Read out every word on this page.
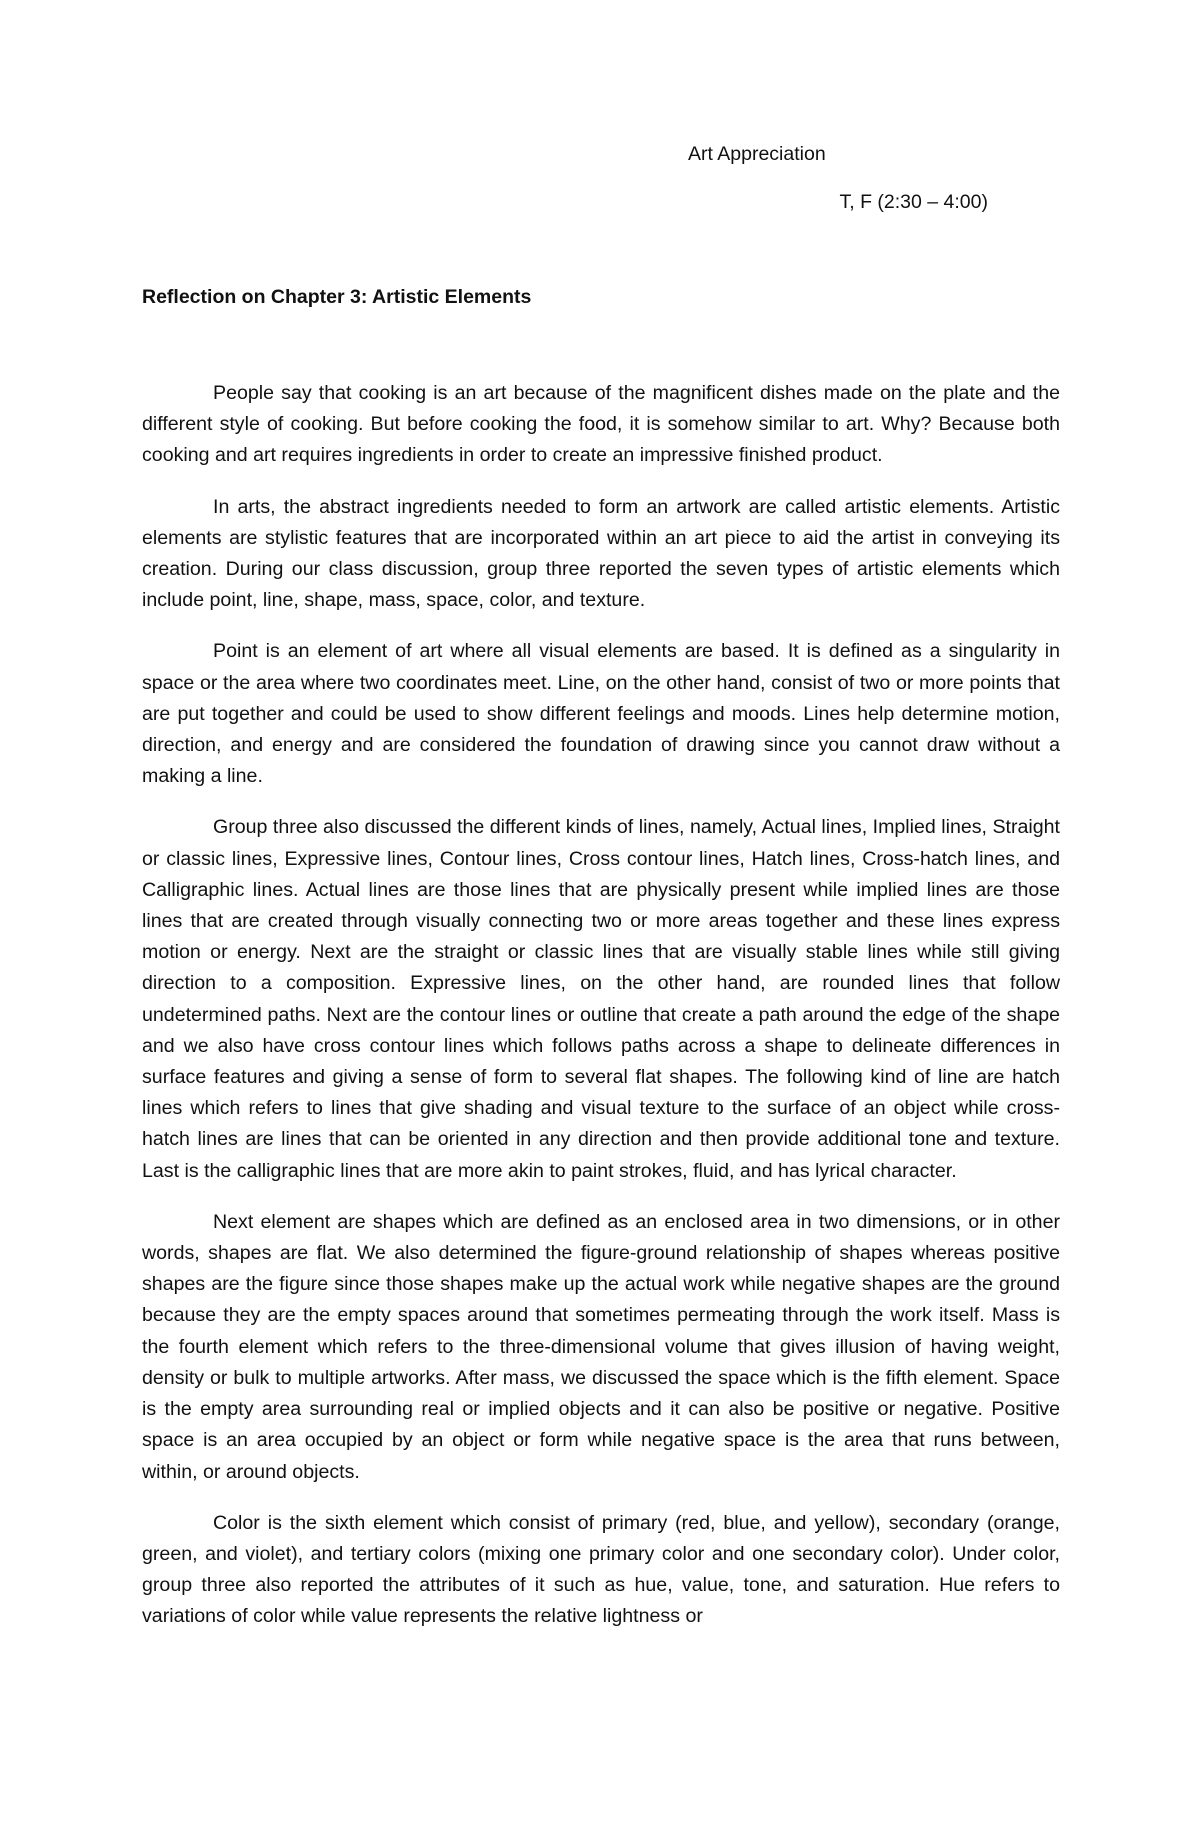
Art Appreciation

T, F (2:30 – 4:00)

Reflection on Chapter 3: Artistic Elements

People say that cooking is an art because of the magnificent dishes made on the plate and the different style of cooking. But before cooking the food, it is somehow similar to art. Why? Because both cooking and art requires ingredients in order to create an impressive finished product.

In arts, the abstract ingredients needed to form an artwork are called artistic elements. Artistic elements are stylistic features that are incorporated within an art piece to aid the artist in conveying its creation. During our class discussion, group three reported the seven types of artistic elements which include point, line, shape, mass, space, color, and texture.

Point is an element of art where all visual elements are based. It is defined as a singularity in space or the area where two coordinates meet. Line, on the other hand, consist of two or more points that are put together and could be used to show different feelings and moods. Lines help determine motion, direction, and energy and are considered the foundation of drawing since you cannot draw without a making a line.

Group three also discussed the different kinds of lines, namely, Actual lines, Implied lines, Straight or classic lines, Expressive lines, Contour lines, Cross contour lines, Hatch lines, Cross-hatch lines, and Calligraphic lines. Actual lines are those lines that are physically present while implied lines are those lines that are created through visually connecting two or more areas together and these lines express motion or energy. Next are the straight or classic lines that are visually stable lines while still giving direction to a composition. Expressive lines, on the other hand, are rounded lines that follow undetermined paths. Next are the contour lines or outline that create a path around the edge of the shape and we also have cross contour lines which follows paths across a shape to delineate differences in surface features and giving a sense of form to several flat shapes. The following kind of line are hatch lines which refers to lines that give shading and visual texture to the surface of an object while cross-hatch lines are lines that can be oriented in any direction and then provide additional tone and texture. Last is the calligraphic lines that are more akin to paint strokes, fluid, and has lyrical character.

Next element are shapes which are defined as an enclosed area in two dimensions, or in other words, shapes are flat. We also determined the figure-ground relationship of shapes whereas positive shapes are the figure since those shapes make up the actual work while negative shapes are the ground because they are the empty spaces around that sometimes permeating through the work itself. Mass is the fourth element which refers to the three-dimensional volume that gives illusion of having weight, density or bulk to multiple artworks. After mass, we discussed the space which is the fifth element. Space is the empty area surrounding real or implied objects and it can also be positive or negative. Positive space is an area occupied by an object or form while negative space is the area that runs between, within, or around objects.

Color is the sixth element which consist of primary (red, blue, and yellow), secondary (orange, green, and violet), and tertiary colors (mixing one primary color and one secondary color). Under color, group three also reported the attributes of it such as hue, value, tone, and saturation. Hue refers to variations of color while value represents the relative lightness or
